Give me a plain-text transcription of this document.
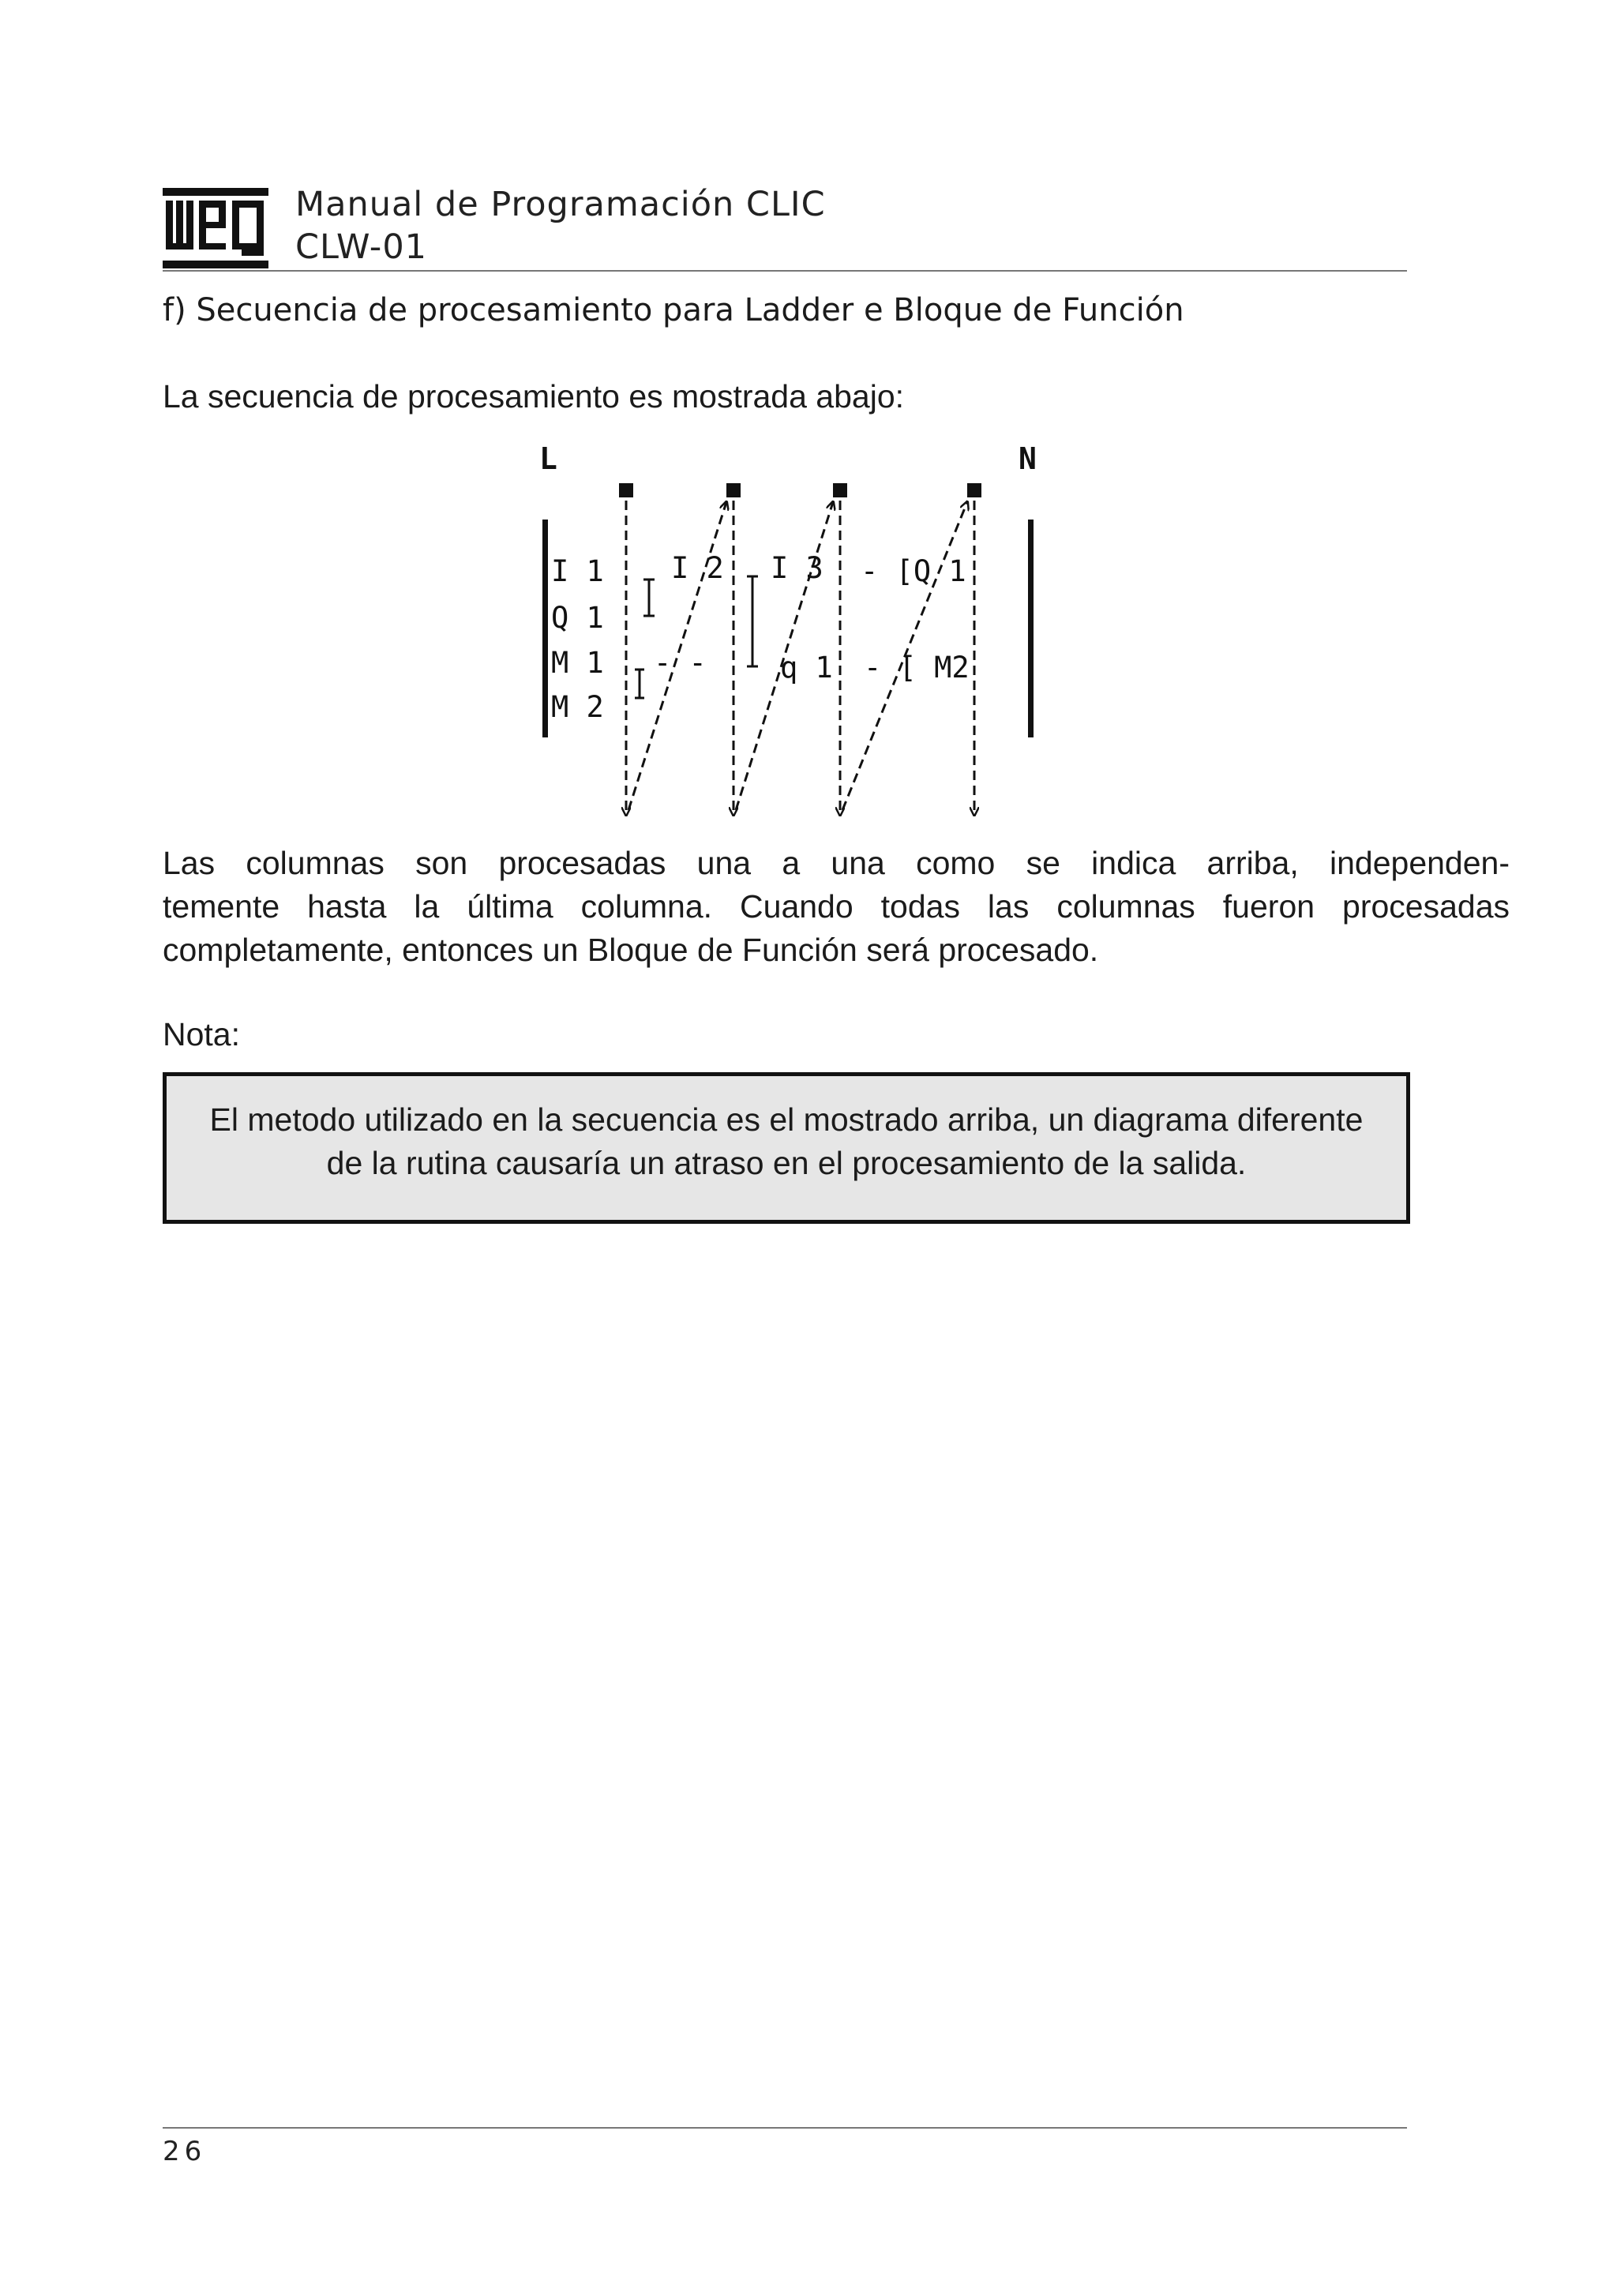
Manual de Programación CLIC
CLW-01
f) Secuencia de procesamiento para Ladder e Bloque de Función

La secuencia de procesamiento es mostrada abajo:

L	N
I 1 I 2 I 3 - [Q 1
Q 1
M 1 - -	q 1 - [ M2
M 2

Las columnas son procesadas una a una como se indica arriba, independen-
temente hasta la última columna. Cuando todas las columnas fueron procesadas
completamente, entonces un Bloque de Función será procesado.

Nota:

El metodo utilizado en la secuencia es el mostrado arriba, un diagrama diferente
de la rutina causaría un atraso en el procesamiento de la salida.

26
